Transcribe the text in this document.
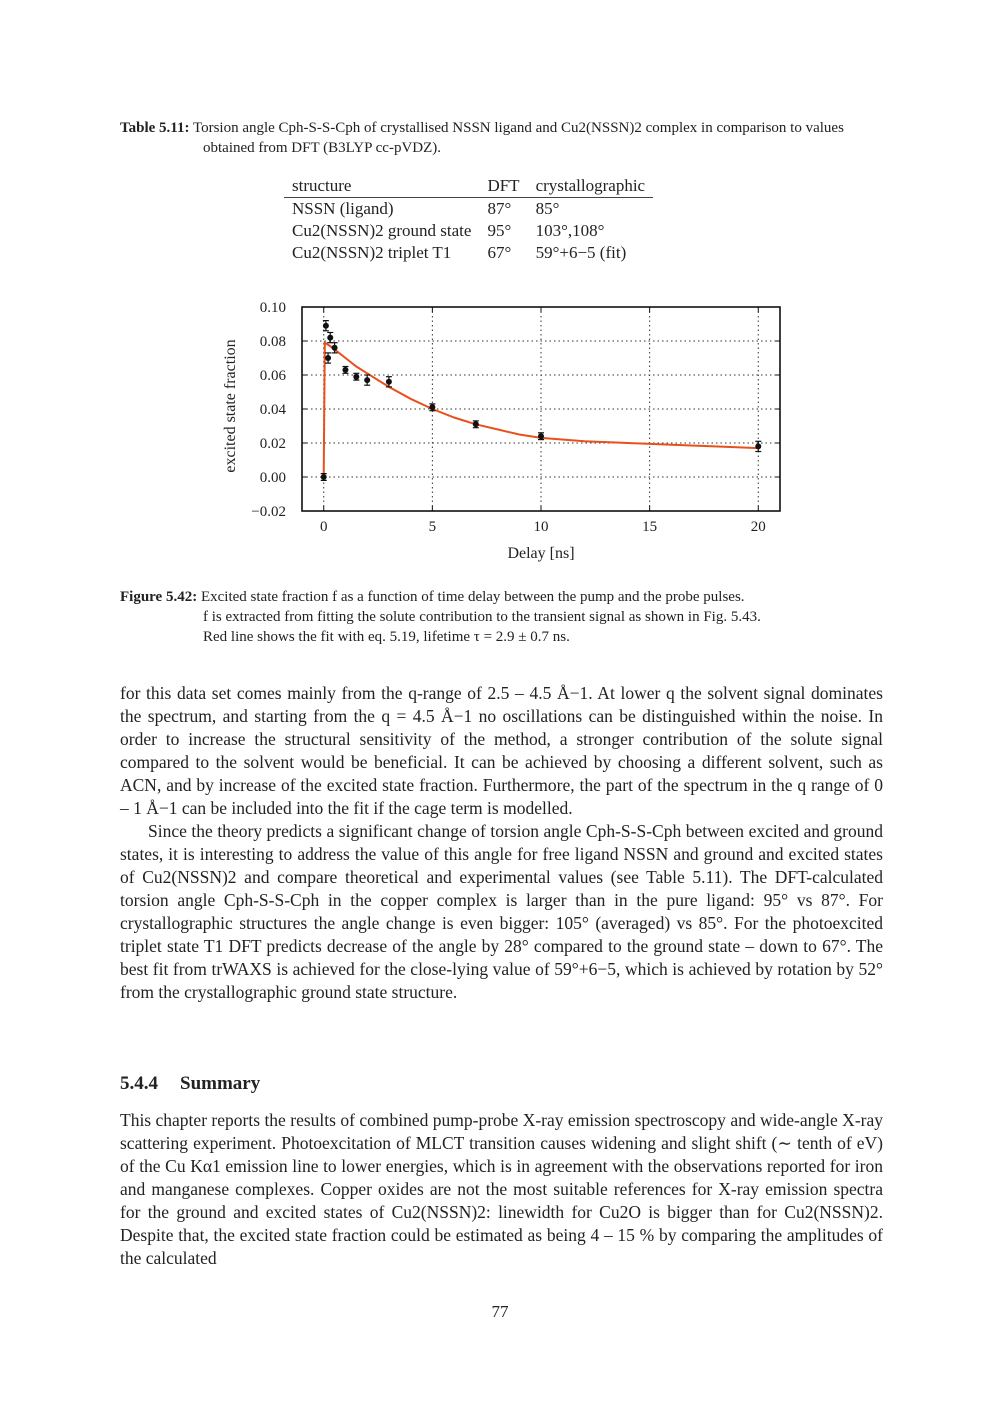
Table 5.11: Torsion angle Cph-S-S-Cph of crystallised NSSN ligand and Cu2(NSSN)2 complex in comparison to values obtained from DFT (B3LYP cc-pVDZ).
structure	DFT	crystallographic
NSSN (ligand)	87°	85°
Cu2(NSSN)2 ground state	95°	103°,108°
Cu2(NSSN)2 triplet T1	67°	59°+6−5 (fit)
0	5	10	15	20
−0.02
0.00
0.02
0.04
0.06
0.08
0.10
Delay [ns]
excited state fraction
Figure 5.42: Excited state fraction f as a function of time delay between the pump and the probe pulses.
f is extracted from fitting the solute contribution to the transient signal as shown in Fig. 5.43.
Red line shows the fit with eq. 5.19, lifetime τ = 2.9 ± 0.7 ns.

for this data set comes mainly from the q-range of 2.5 – 4.5 Å−1. At lower q the solvent signal dominates the spectrum, and starting from the q = 4.5 Å−1 no oscillations can be distinguished within the noise. In order to increase the structural sensitivity of the method, a stronger contribution of the solute signal compared to the solvent would be beneficial. It can be achieved by choosing a different solvent, such as ACN, and by increase of the excited state fraction. Furthermore, the part of the spectrum in the q range of 0 – 1 Å−1 can be included into the fit if the cage term is modelled.

Since the theory predicts a significant change of torsion angle Cph-S-S-Cph between excited and ground states, it is interesting to address the value of this angle for free ligand NSSN and ground and excited states of Cu2(NSSN)2 and compare theoretical and experimental values (see Table 5.11). The DFT-calculated torsion angle Cph-S-S-Cph in the copper complex is larger than in the pure ligand: 95° vs 87°. For crystallographic structures the angle change is even bigger: 105° (averaged) vs 85°. For the photoexcited triplet state T1 DFT predicts decrease of the angle by 28° compared to the ground state – down to 67°. The best fit from trWAXS is achieved for the close-lying value of 59°+6−5, which is achieved by rotation by 52° from the crystallographic ground state structure.

5.4.4 Summary

This chapter reports the results of combined pump-probe X-ray emission spectroscopy and wide-angle X-ray scattering experiment. Photoexcitation of MLCT transition causes widening and slight shift (∼ tenth of eV) of the Cu Kα1 emission line to lower energies, which is in agreement with the observations reported for iron and manganese complexes. Copper oxides are not the most suitable references for X-ray emission spectra for the ground and excited states of Cu2(NSSN)2: linewidth for Cu2O is bigger than for Cu2(NSSN)2. Despite that, the excited state fraction could be estimated as being 4 – 15 % by comparing the amplitudes of the calculated

77
